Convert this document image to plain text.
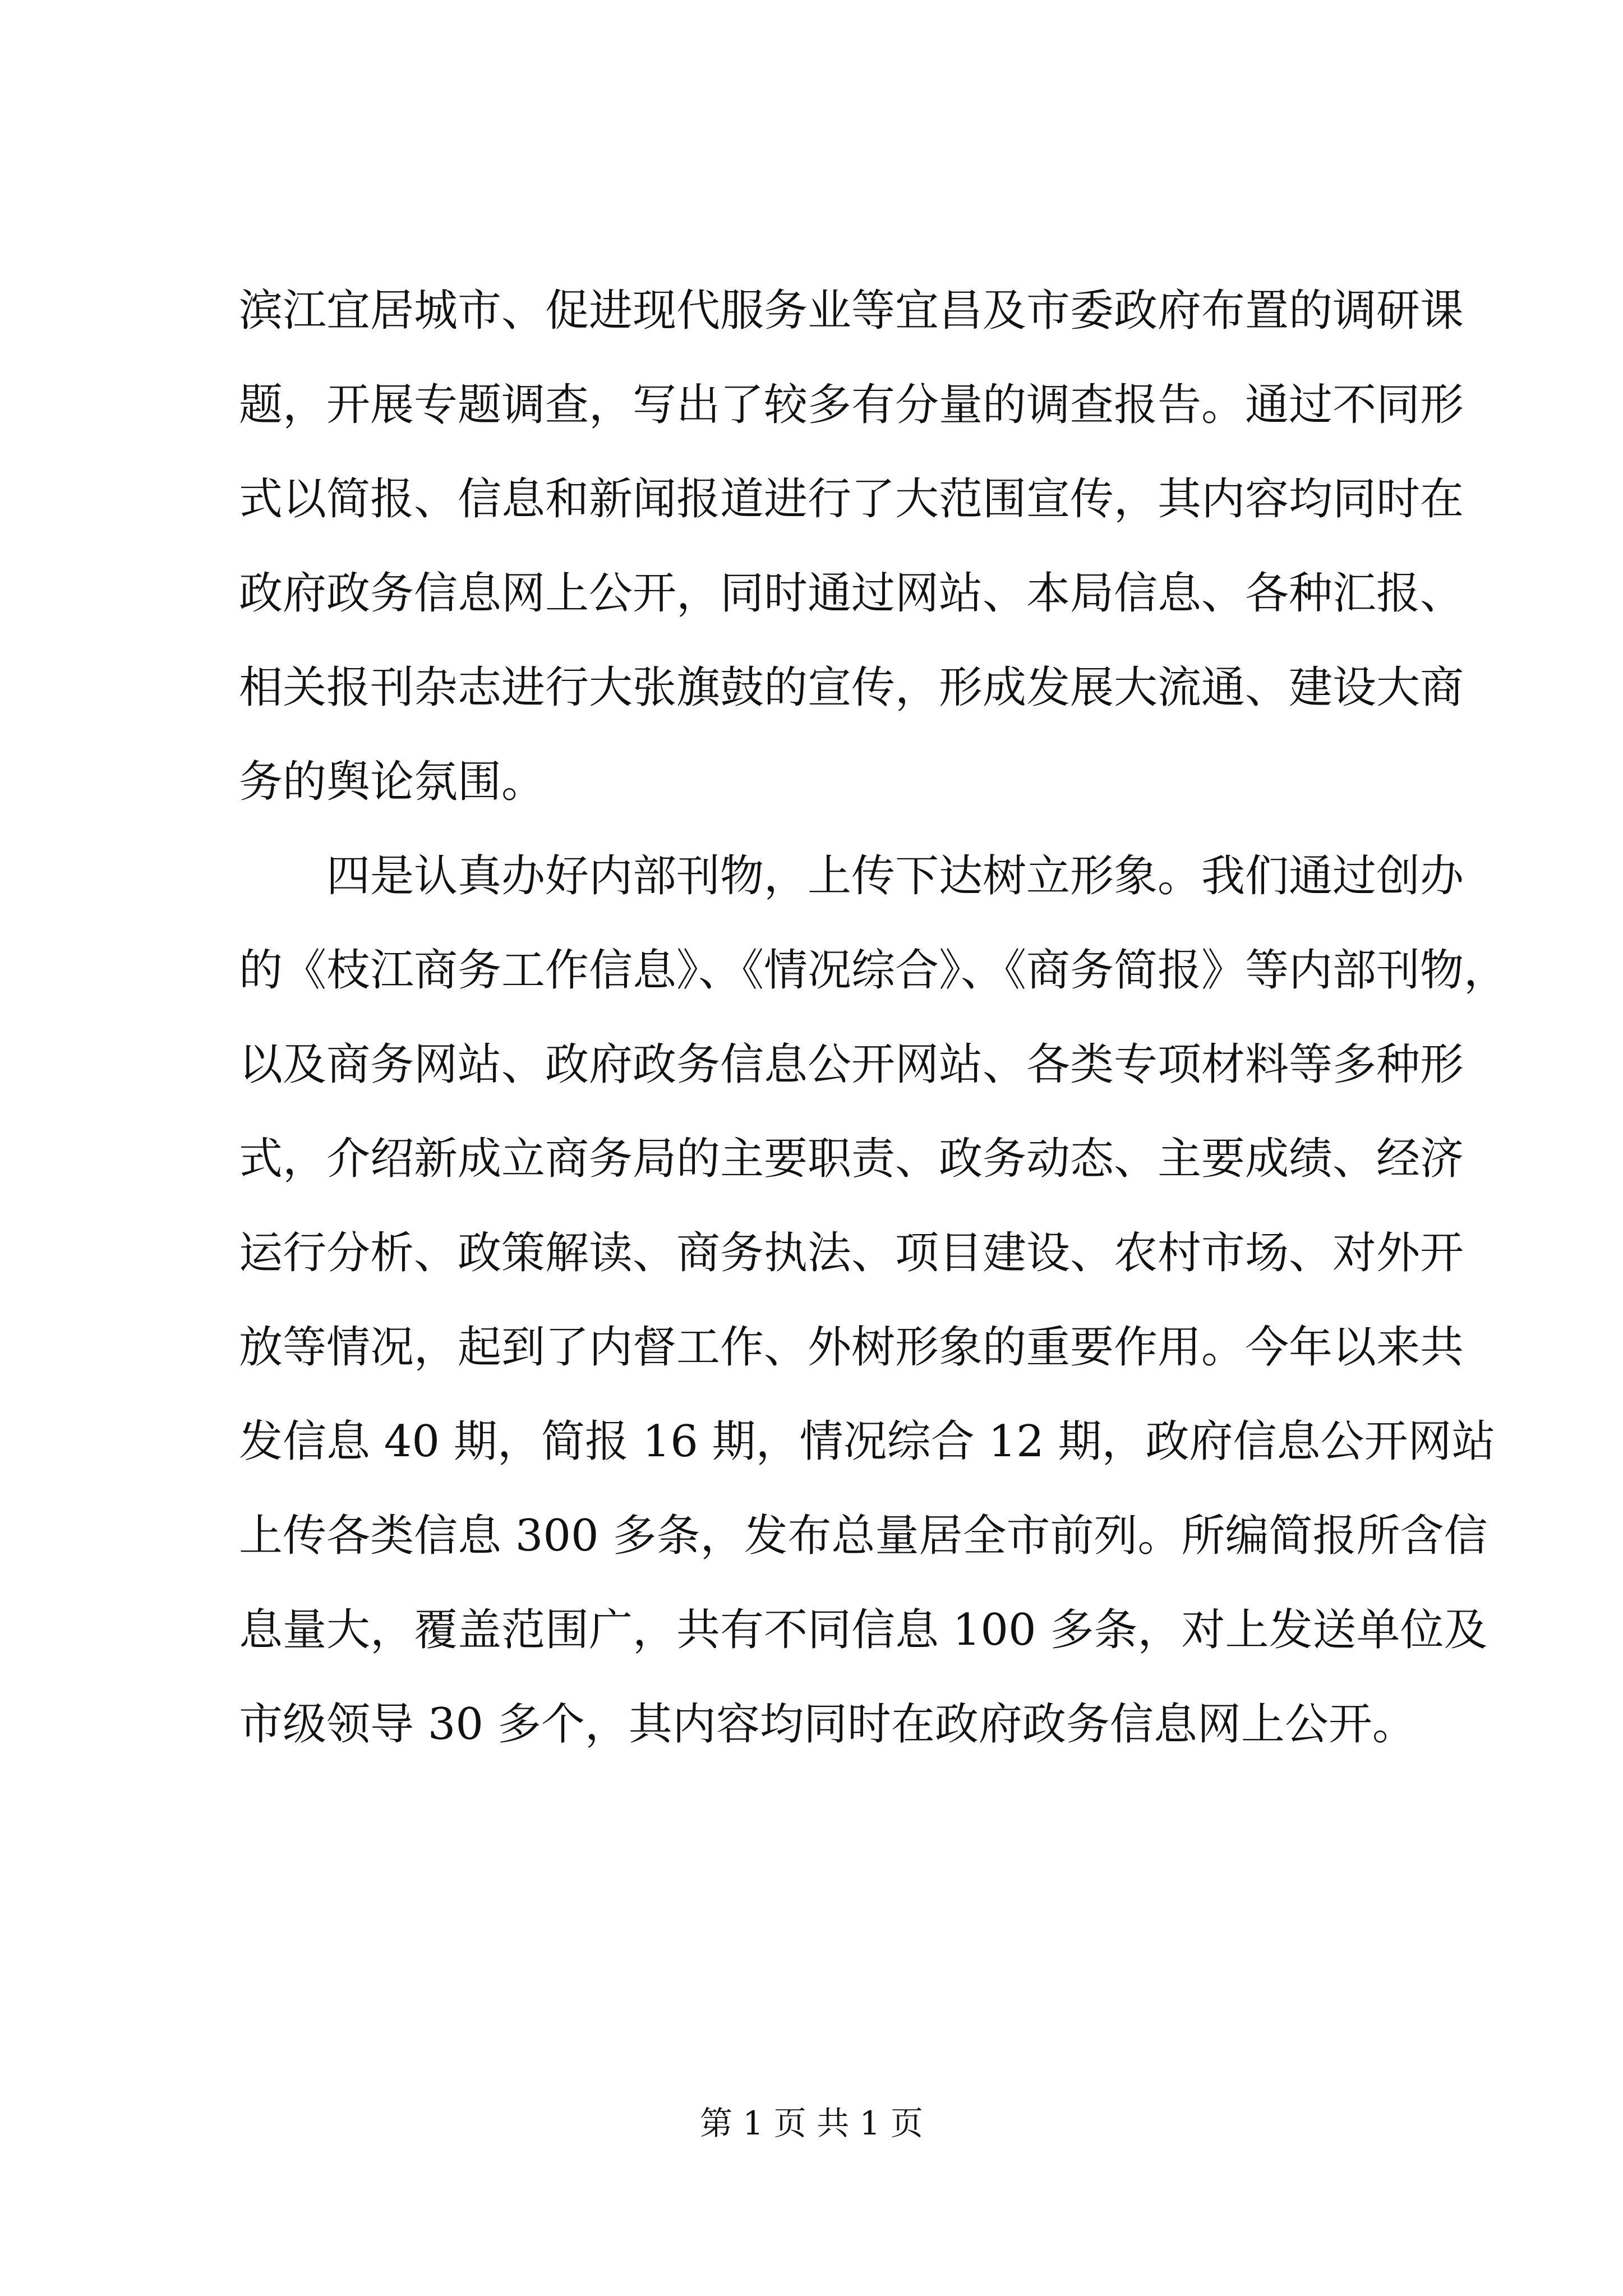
滨江宜居城市、促进现代服务业等宜昌及市委政府布置的调研课
题，开展专题调查，写出了较多有分量的调查报告。通过不同形
式以简报、信息和新闻报道进行了大范围宣传，其内容均同时在
政府政务信息网上公开，同时通过网站、本局信息、各种汇报、
相关报刊杂志进行大张旗鼓的宣传，形成发展大流通、建设大商
务的舆论氛围。
四是认真办好内部刊物，上传下达树立形象。我们通过创办
的《枝江商务工作信息》、《情况综合》、《商务简报》等内部刊物，
以及商务网站、政府政务信息公开网站、各类专项材料等多种形
式，介绍新成立商务局的主要职责、政务动态、主要成绩、经济
运行分析、政策解读、商务执法、项目建设、农村市场、对外开
放等情况，起到了内督工作、外树形象的重要作用。今年以来共
发信息 40 期，简报 16 期，情况综合 12 期，政府信息公开网站
上传各类信息 300 多条，发布总量居全市前列。所编简报所含信
息量大，覆盖范围广，共有不同信息 100 多条，对上发送单位及
市级领导 30 多个，其内容均同时在政府政务信息网上公开。
第 1 页 共 1 页
